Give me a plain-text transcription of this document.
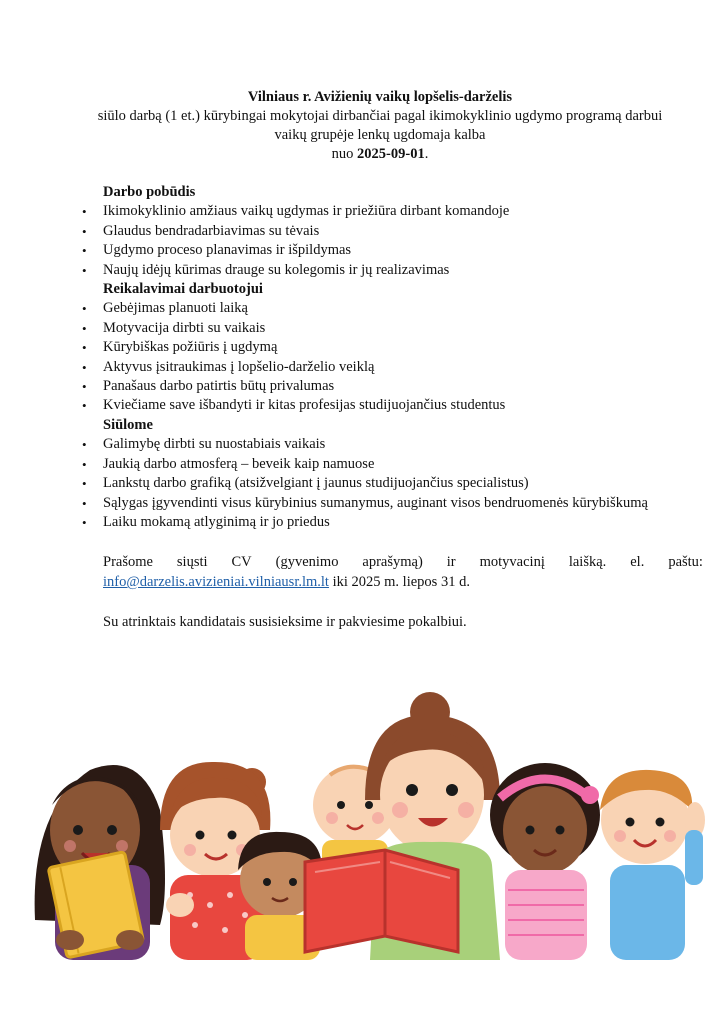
Vilniaus r. Avižienių vaikų lopšelis-darželis
siūlo darbą (1 et.) kūrybingai mokytojai dirbančiai pagal ikimokyklinio ugdymo programą darbui
vaikų grupėje lenkų ugdomaja kalba
nuo 2025-09-01.
Darbo pobūdis
• Ikimokyklinio amžiaus vaikų ugdymas ir priežiūra dirbant komandoje
• Glaudus bendradarbiavimas su tėvais
• Ugdymo proceso planavimas ir išpildymas
• Naujų idėjų kūrimas drauge su kolegomis ir jų realizavimas
Reikalavimai darbuotojui
• Gebėjimas planuoti laiką
• Motyvacija dirbti su vaikais
• Kūrybiškas požiūris į ugdymą
• Aktyvus įsitraukimas į lopšelio-darželio veiklą
• Panašaus darbo patirtis būtų privalumas
• Kviečiame save išbandyti ir kitas profesijas studijuojančius studentus
Siūlome
• Galimybę dirbti su nuostabiais vaikais
• Jaukią darbo atmosferą – beveik kaip namuose
• Lankstų darbo grafiką (atsižvelgiant į jaunus studijuojančius specialistus)
• Sąlygas įgyvendinti visus kūrybinius sumanymus, auginant visos bendruomenės kūrybiškumą
• Laiku mokamą atlyginimą ir jo priedus
Prašome siųsti CV (gyvenimo aprašymą) ir motyvacinį laišką. el. paštu:
info@darzelis.avizieniai.vilniausr.lm.lt iki 2025 m. liepos 31 d.
Su atrinktais kandidatais susisieksime ir pakviesime pokalbiui.
